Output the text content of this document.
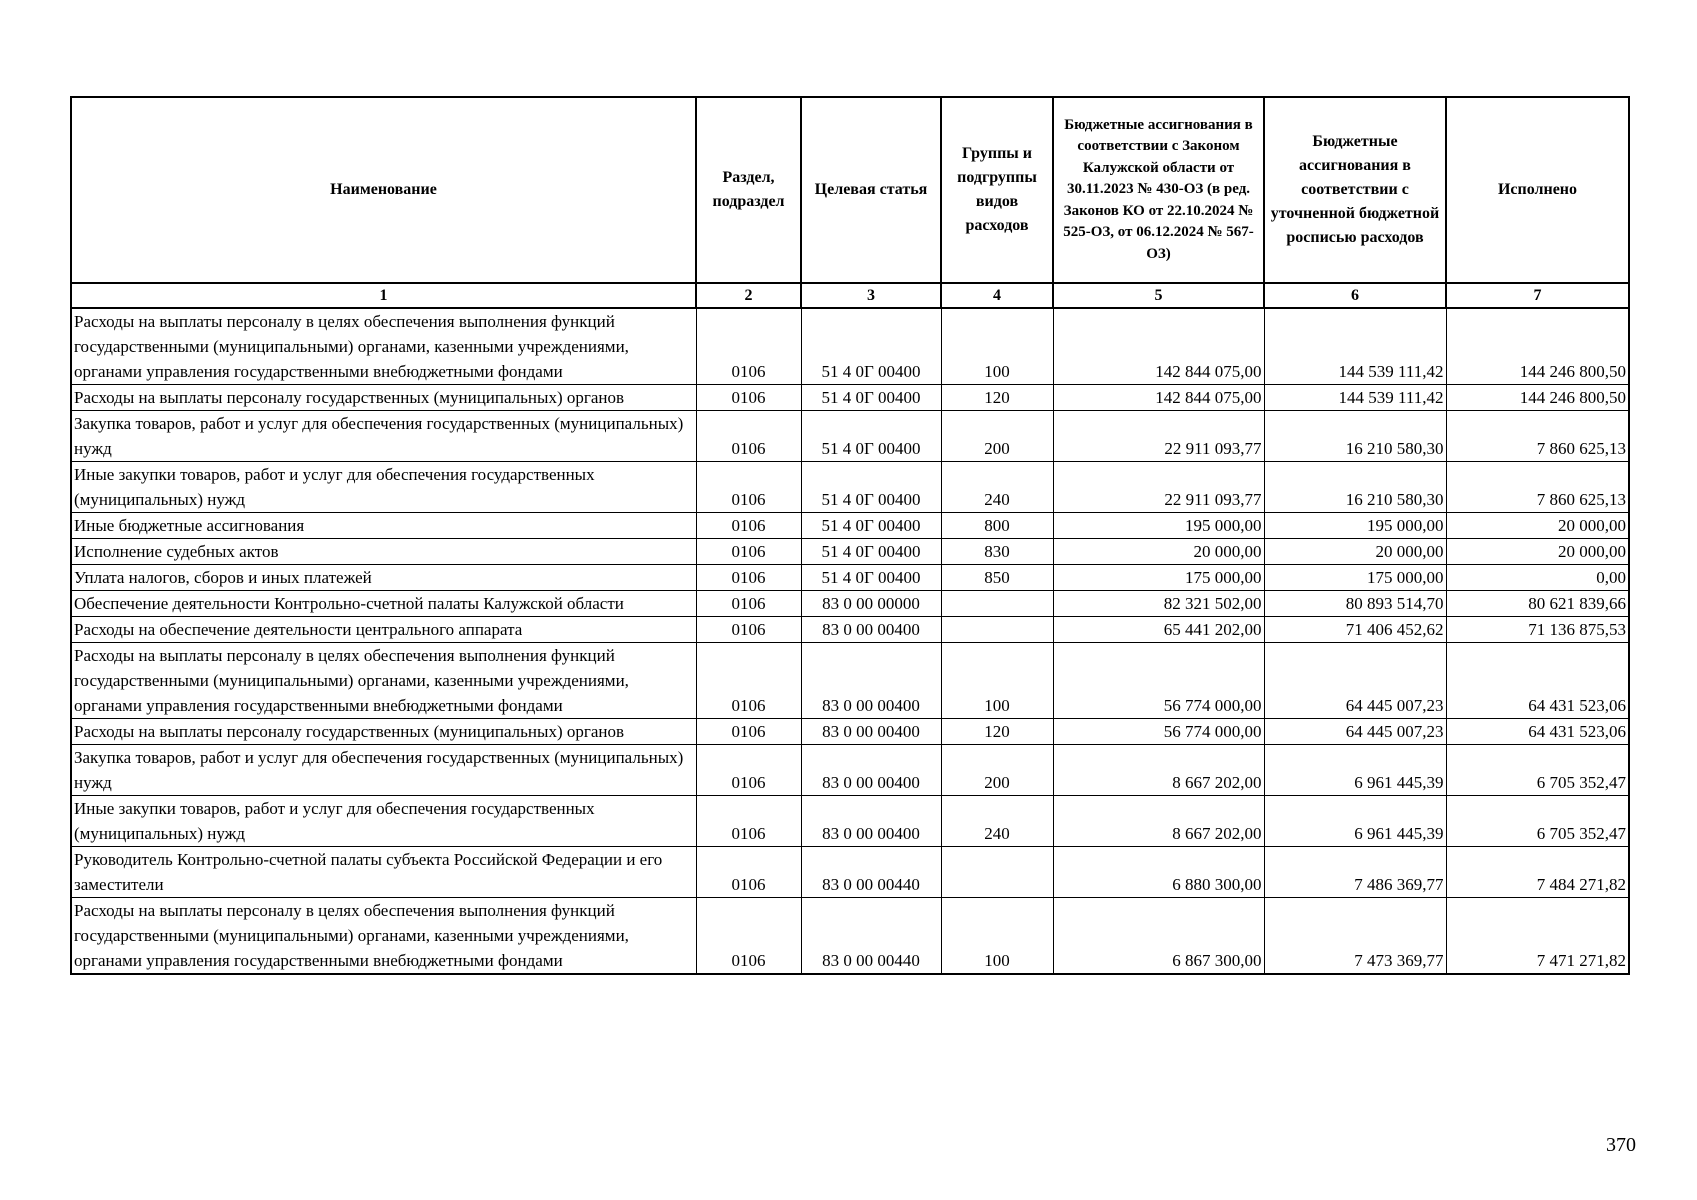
Наименование	Раздел, подраздел	Целевая статья	Группы и подгруппы видов расходов	Бюджетные ассигнования в соответствии с Законом Калужской области от 30.11.2023 № 430-ОЗ (в ред. Законов КО от 22.10.2024 № 525-ОЗ, от 06.12.2024 № 567-ОЗ)	Бюджетные ассигнования в соответствии с уточненной бюджетной росписью расходов	Исполнено
1	2	3	4	5	6	7
Расходы на выплаты персоналу в целях обеспечения выполнения функций государственными (муниципальными) органами, казенными учреждениями, органами управления государственными внебюджетными фондами	0106	51 4 0Г 00400	100	142 844 075,00	144 539 111,42	144 246 800,50
Расходы на выплаты персоналу государственных (муниципальных) органов	0106	51 4 0Г 00400	120	142 844 075,00	144 539 111,42	144 246 800,50
Закупка товаров, работ и услуг для обеспечения государственных (муниципальных) нужд	0106	51 4 0Г 00400	200	22 911 093,77	16 210 580,30	7 860 625,13
Иные закупки товаров, работ и услуг для обеспечения государственных (муниципальных) нужд	0106	51 4 0Г 00400	240	22 911 093,77	16 210 580,30	7 860 625,13
Иные бюджетные ассигнования	0106	51 4 0Г 00400	800	195 000,00	195 000,00	20 000,00
Исполнение судебных актов	0106	51 4 0Г 00400	830	20 000,00	20 000,00	20 000,00
Уплата налогов, сборов и иных платежей	0106	51 4 0Г 00400	850	175 000,00	175 000,00	0,00
Обеспечение деятельности Контрольно-счетной палаты Калужской области	0106	83 0 00 00000		82 321 502,00	80 893 514,70	80 621 839,66
Расходы на обеспечение деятельности центрального аппарата	0106	83 0 00 00400		65 441 202,00	71 406 452,62	71 136 875,53
Расходы на выплаты персоналу в целях обеспечения выполнения функций государственными (муниципальными) органами, казенными учреждениями, органами управления государственными внебюджетными фондами	0106	83 0 00 00400	100	56 774 000,00	64 445 007,23	64 431 523,06
Расходы на выплаты персоналу государственных (муниципальных) органов	0106	83 0 00 00400	120	56 774 000,00	64 445 007,23	64 431 523,06
Закупка товаров, работ и услуг для обеспечения государственных (муниципальных) нужд	0106	83 0 00 00400	200	8 667 202,00	6 961 445,39	6 705 352,47
Иные закупки товаров, работ и услуг для обеспечения государственных (муниципальных) нужд	0106	83 0 00 00400	240	8 667 202,00	6 961 445,39	6 705 352,47
Руководитель Контрольно-счетной палаты субъекта Российской Федерации и его заместители	0106	83 0 00 00440		6 880 300,00	7 486 369,77	7 484 271,82
Расходы на выплаты персоналу в целях обеспечения выполнения функций государственными (муниципальными) органами, казенными учреждениями, органами управления государственными внебюджетными фондами	0106	83 0 00 00440	100	6 867 300,00	7 473 369,77	7 471 271,82
370
